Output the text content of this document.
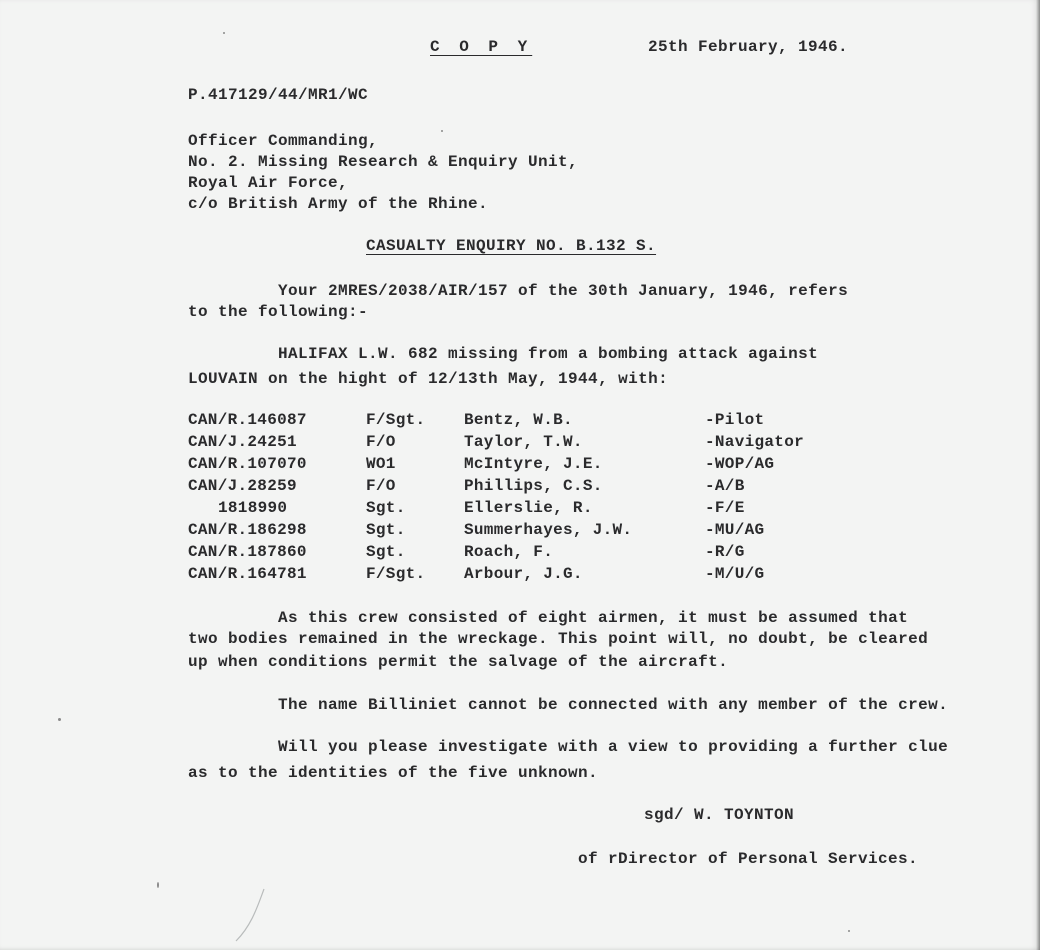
C O P Y	25th February, 1946.
P.417129/44/MR1/WC
Officer Commanding,
No. 2. Missing Research & Enquiry Unit,
Royal Air Force,
c/o British Army of the Rhine.
CASUALTY ENQUIRY NO. B.132 S.
Your 2MRES/2038/AIR/157 of the 30th January, 1946, refers
to the following:-
HALIFAX L.W. 682 missing from a bombing attack against
LOUVAIN on the hight of 12/13th May, 1944, with:
CAN/R.146087	F/Sgt. Bentz, W.B.	-Pilot
CAN/J.24251	F/O	Taylor, T.W.	-Navigator
CAN/R.107070	WO1	McIntyre, J.E.	-WOP/AG
CAN/J.28259	F/O	Phillips, C.S.	-A/B
1818990	Sgt.	Ellerslie, R.	-F/E
CAN/R.186298	Sgt.	Summerhayes, J.W.	-MU/AG
CAN/R.187860	Sgt.	Roach, F.	-R/G
CAN/R.164781	F/Sgt. Arbour, J.G.	-M/U/G
As this crew consisted of eight airmen, it must be assumed that
two bodies remained in the wreckage. This point will, no doubt, be cleared
up when conditions permit the salvage of the aircraft.
The name Billiniet cannot be connected with any member of the crew.
Will you please investigate with a view to providing a further clue
as to the identities of the five unknown.
sgd/ W. TOYNTON
of rDirector of Personal Services.
